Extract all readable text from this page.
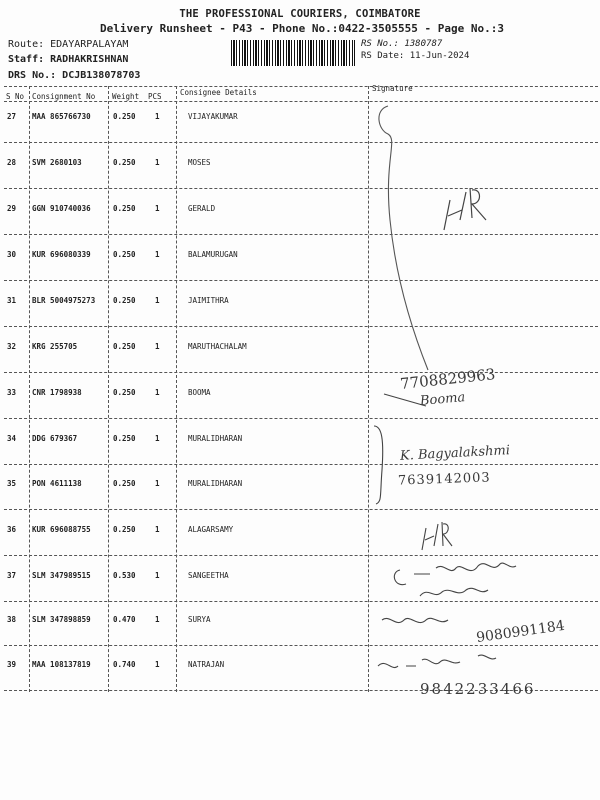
THE PROFESSIONAL COURIERS, COIMBATORE
Delivery Runsheet - P43 - Phone No.:0422-3505555 - Page No.:3
Route: EDAYARPALAYAM
Staff: RADHAKRISHNAN
DRS No.: DCJB138078703
RS No.: 1380787
RS Date: 11-Jun-2024
S No Consignment No Weight PCS Consignee Details	Signature
27 MAA 865766730	0.250	1	VIJAYAKUMAR
28 SVM 2680103	0.250	1	MOSES
29 GGN 910740036	0.250	1	GERALD
30 KUR 696080339	0.250	1	BALAMURUGAN
31 BLR 5004975273 0.250	1	JAIMITHRA
32 KRG 255705	0.250	1	MARUTHACHALAM
33 CNR 1798938	0.250	1	BOOMA
34 DDG 679367	0.250	1	MURALIDHARAN
35 PON 4611138	0.250	1	MURALIDHARAN
36 KUR 696088755	0.250	1	ALAGARSAMY
37 SLM 347989515	0.530	1	SANGEETHA
38 SLM 347898859	0.470	1	SURYA
39 MAA 108137819	0.740	1	NATRAJAN
7708829963
Booma
K. Bagyalakshmi
7639142003
9080991184
9842233466
